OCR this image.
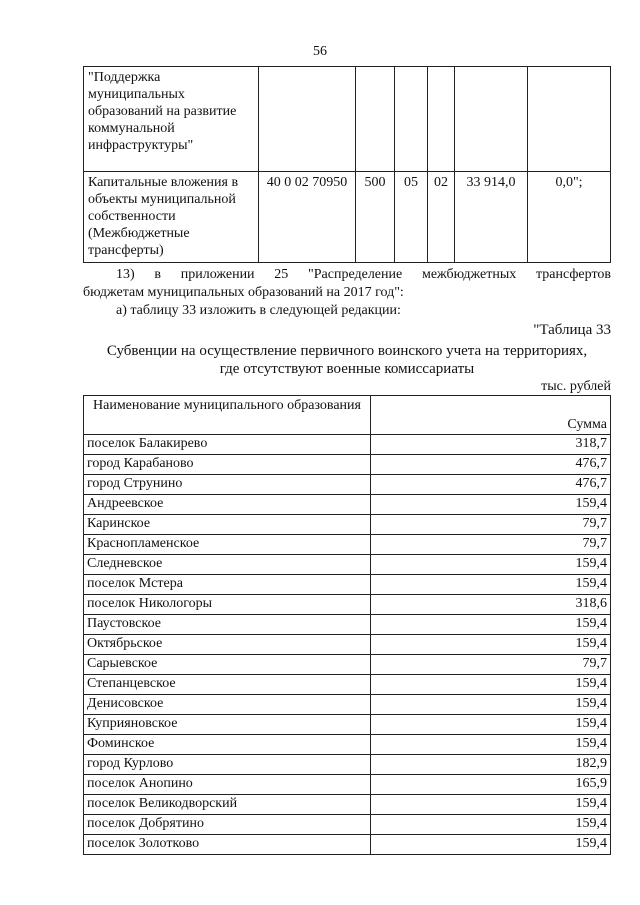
56
"Поддержка муниципальных образований на развитие коммунальной инфраструктуры"						
Капитальные вложения в объекты муниципальной собственности (Межбюджетные трансферты)	40 0 02 70950	500	05	02	33 914,0	0,0";
13) в приложении 25 "Распределение межбюджетных трансфертов
бюджетам муниципальных образований на 2017 год":
а) таблицу 33 изложить в следующей редакции:
"Таблица 33
Субвенции на осуществление первичного воинского учета на территориях,
где отсутствуют военные комиссариаты
тыс. рублей
Наименование муниципального образования	Сумма
поселок Балакирево	318,7
город Карабаново	476,7
город Струнино	476,7
Андреевское	159,4
Каринское	79,7
Краснопламенское	79,7
Следневское	159,4
поселок Мстера	159,4
поселок Никологоры	318,6
Паустовское	159,4
Октябрьское	159,4
Сарыевское	79,7
Степанцевское	159,4
Денисовское	159,4
Куприяновское	159,4
Фоминское	159,4
город Курлово	182,9
поселок Анопино	165,9
поселок Великодворский	159,4
поселок Добрятино	159,4
поселок Золотково	159,4
